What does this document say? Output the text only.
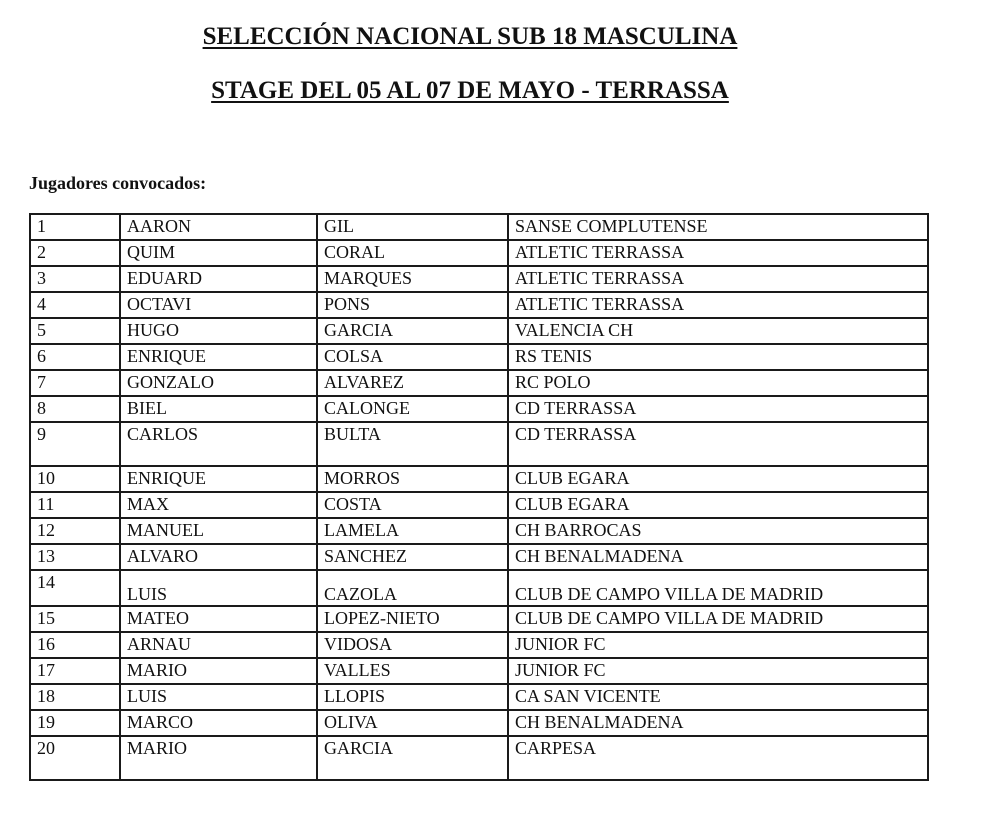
SELECCIÓN NACIONAL SUB 18 MASCULINA
STAGE DEL 05 AL 07 DE MAYO - TERRASSA

Jugadores convocados:

1	AARON	GIL	SANSE COMPLUTENSE
2	QUIM	CORAL	ATLETIC TERRASSA
3	EDUARD	MARQUES	ATLETIC TERRASSA
4	OCTAVI	PONS	ATLETIC TERRASSA
5	HUGO	GARCIA	VALENCIA CH
6	ENRIQUE	COLSA	RS TENIS
7	GONZALO	ALVAREZ	RC POLO
8	BIEL	CALONGE	CD TERRASSA
9	CARLOS	BULTA	CD TERRASSA
10	ENRIQUE	MORROS	CLUB EGARA
11	MAX	COSTA	CLUB EGARA
12	MANUEL	LAMELA	CH BARROCAS
13	ALVARO	SANCHEZ	CH BENALMADENA
14	LUIS	CAZOLA	CLUB DE CAMPO VILLA DE MADRID
15	MATEO	LOPEZ-NIETO	CLUB DE CAMPO VILLA DE MADRID
16	ARNAU	VIDOSA	JUNIOR FC
17	MARIO	VALLES	JUNIOR FC
18	LUIS	LLOPIS	CA SAN VICENTE
19	MARCO	OLIVA	CH BENALMADENA
20	MARIO	GARCIA	CARPESA
